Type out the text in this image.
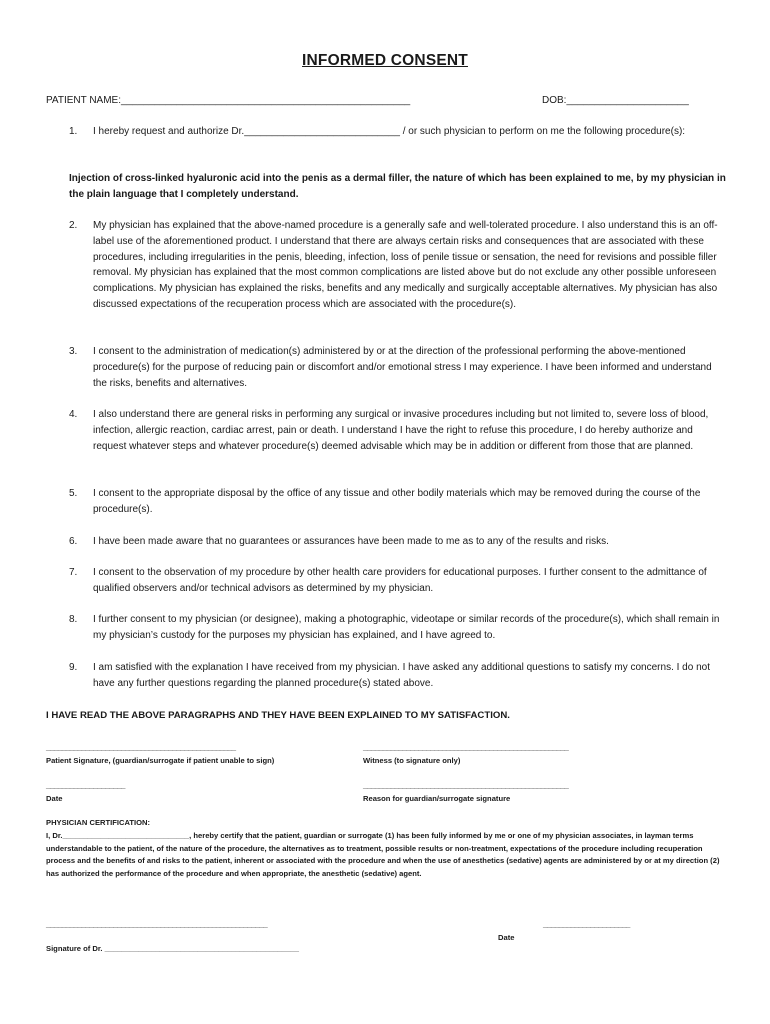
INFORMED CONSENT
PATIENT NAME:____________________________________________________	DOB:______________________
1. I hereby request and authorize Dr.____________________________ / or such physician to perform on me the following procedure(s):
Injection of cross-linked hyaluronic acid into the penis as a dermal filler, the nature of which has been explained to me, by my physician in the plain language that I completely understand.
2. My physician has explained that the above-named procedure is a generally safe and well-tolerated procedure. I also understand this is an off-label use of the aforementioned product. I understand that there are always certain risks and consequences that are associated with these procedures, including irregularities in the penis, bleeding, infection, loss of penile tissue or sensation, the need for revisions and possible filler removal. My physician has explained that the most common complications are listed above but do not exclude any other possible unforeseen complications. My physician has explained the risks, benefits and any medically and surgically acceptable alternatives. My physician has also discussed expectations of the recuperation process which are associated with the procedure(s).
3. I consent to the administration of medication(s) administered by or at the direction of the professional performing the above-mentioned procedure(s) for the purpose of reducing pain or discomfort and/or emotional stress I may experience. I have been informed and understand the risks, benefits and alternatives.
4. I also understand there are general risks in performing any surgical or invasive procedures including but not limited to, severe loss of blood, infection, allergic reaction, cardiac arrest, pain or death. I understand I have the right to refuse this procedure, I do hereby authorize and request whatever steps and whatever procedure(s) deemed advisable which may be in addition or different from those that are planned.
5. I consent to the appropriate disposal by the office of any tissue and other bodily materials which may be removed during the course of the procedure(s).
6. I have been made aware that no guarantees or assurances have been made to me as to any of the results and risks.
7. I consent to the observation of my procedure by other health care providers for educational purposes. I further consent to the admittance of qualified observers and/or technical advisors as determined by my physician.
8. I further consent to my physician (or designee), making a photographic, videotape or similar records of the procedure(s), which shall remain in my physician’s custody for the purposes my physician has explained, and I have agreed to.
9. I am satisfied with the explanation I have received from my physician. I have asked any additional questions to satisfy my concerns. I do not have any further questions regarding the planned procedure(s) stated above.
I HAVE READ THE ABOVE PARAGRAPHS AND THEY HAVE BEEN EXPLAINED TO MY SATISFACTION.
________________________________________________
Patient Signature, (guardian/surrogate if patient unable to sign)
____________________________________________________
Witness (to signature only)
____________________
Date
____________________________________________________
Reason for guardian/surrogate signature
PHYSICIAN CERTIFICATION:
I, Dr.______________________________, hereby certify that the patient, guardian or surrogate (1) has been fully informed by me or one of my physician associates, in layman terms understandable to the patient, of the nature of the procedure, the alternatives as to treatment, possible results or non-treatment, expectations of the procedure including recuperation process and the benefits of and risks to the patient, inherent or associated with the procedure and when the use of anesthetics (sedative) agents are administered by or at my direction (2) has authorized the performance of the procedure and when appropriate, the anesthetic (sedative) agent.
________________________________________________________	______________________
Date
Signature of Dr. ______________________________________________
